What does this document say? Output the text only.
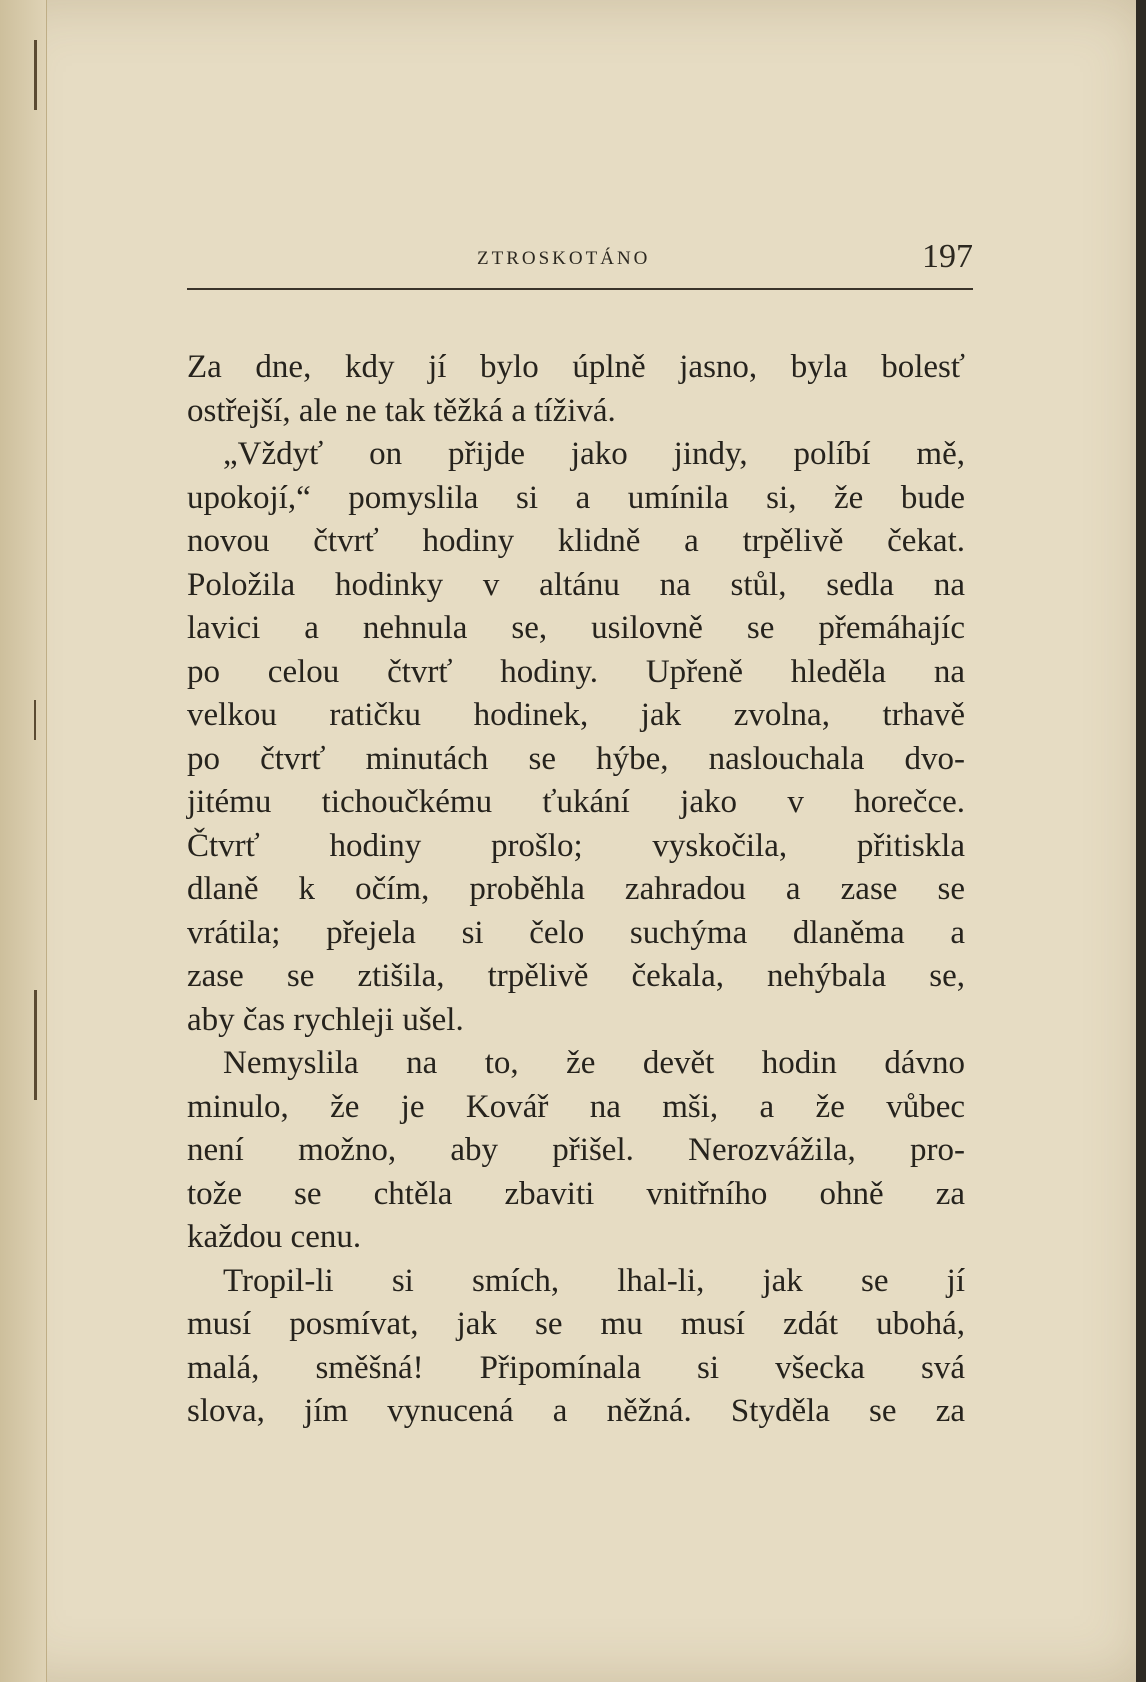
ZTROSKOTÁNO	197
Za dne, kdy jí bylo úplně jasno, byla bolesť
ostřejší, ale ne tak těžká a tíživá.
„Vždyť on přijde jako jindy, políbí mě,
upokojí,“ pomyslila si a umínila si, že bude
novou čtvrť hodiny klidně a trpělivě čekat.
Položila hodinky v altánu na stůl, sedla na
lavici a nehnula se, usilovně se přemáhajíc
po celou čtvrť hodiny. Upřeně hleděla na
velkou ratičku hodinek, jak zvolna, trhavě
po čtvrť minutách se hýbe, naslouchala dvo-
jitému tichoučkému ťukání jako v horečce.
Čtvrť hodiny prošlo; vyskočila, přitiskla
dlaně k očím, proběhla zahradou a zase se
vrátila; přejela si čelo suchýma dlaněma a
zase se ztišila, trpělivě čekala, nehýbala se,
aby čas rychleji ušel.
Nemyslila na to, že devět hodin dávno
minulo, že je Kovář na mši, a že vůbec
není možno, aby přišel. Nerozvážila, pro-
tože se chtěla zbaviti vnitřního ohně za
každou cenu.
Tropil-li si smích, lhal-li, jak se jí
musí posmívat, jak se mu musí zdát ubohá,
malá, směšná! Připomínala si všecka svá
slova, jím vynucená a něžná. Styděla se za
